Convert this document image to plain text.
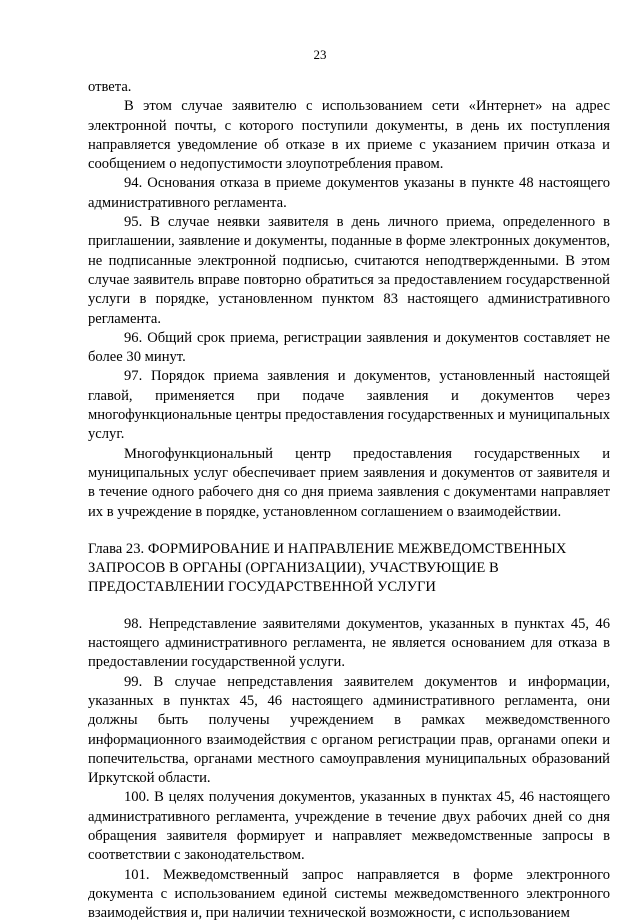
23

ответа.

В этом случае заявителю с использованием сети «Интернет» на адрес электронной почты, с которого поступили документы, в день их поступления направляется уведомление об отказе в их приеме с указанием причин отказа и сообщением о недопустимости злоупотребления правом.

94. Основания отказа в приеме документов указаны в пункте 48 настоящего административного регламента.

95. В случае неявки заявителя в день личного приема, определенного в приглашении, заявление и документы, поданные в форме электронных документов, не подписанные электронной подписью, считаются неподтвержденными. В этом случае заявитель вправе повторно обратиться за предоставлением государственной услуги в порядке, установленном пунктом 83 настоящего административного регламента.

96. Общий срок приема, регистрации заявления и документов составляет не более 30 минут.

97. Порядок приема заявления и документов, установленный настоящей главой, применяется при подаче заявления и документов через многофункциональные центры предоставления государственных и муниципальных услуг.

Многофункциональный центр предоставления государственных и муниципальных услуг обеспечивает прием заявления и документов от заявителя и в течение одного рабочего дня со дня приема заявления с документами направляет их в учреждение в порядке, установленном соглашением о взаимодействии.

Глава 23. ФОРМИРОВАНИЕ И НАПРАВЛЕНИЕ МЕЖВЕДОМСТВЕННЫХ
ЗАПРОСОВ В ОРГАНЫ (ОРГАНИЗАЦИИ), УЧАСТВУЮЩИЕ В
ПРЕДОСТАВЛЕНИИ ГОСУДАРСТВЕННОЙ УСЛУГИ

98. Непредставление заявителями документов, указанных в пунктах 45, 46 настоящего административного регламента, не является основанием для отказа в предоставлении государственной услуги.

99. В случае непредставления заявителем документов и информации, указанных в пунктах 45, 46 настоящего административного регламента, они должны быть получены учреждением в рамках межведомственного информационного взаимодействия с органом регистрации прав, органами опеки и попечительства, органами местного самоуправления муниципальных образований Иркутской области.

100. В целях получения документов, указанных в пунктах 45, 46 настоящего административного регламента, учреждение в течение двух рабочих дней со дня обращения заявителя формирует и направляет межведомственные запросы в соответствии с законодательством.

101. Межведомственный запрос направляется в форме электронного документа с использованием единой системы межведомственного электронного взаимодействия и, при наличии технической возможности, с использованием
